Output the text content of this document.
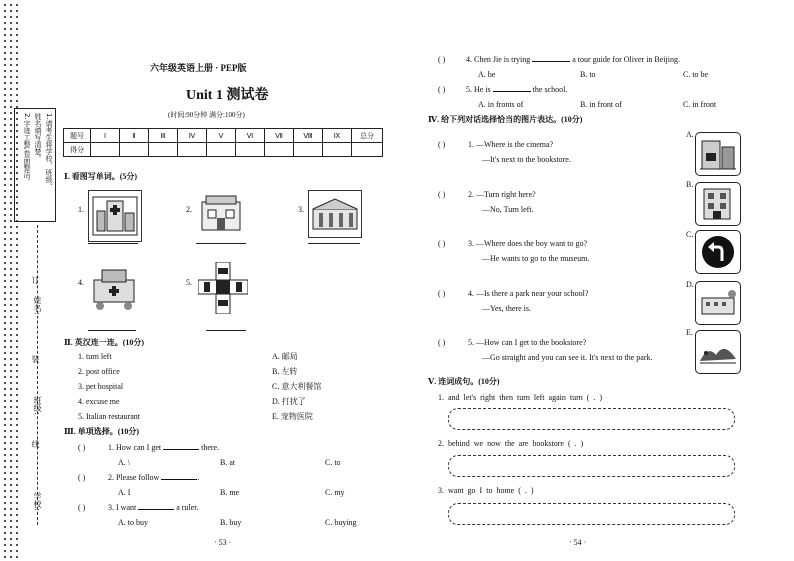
1.请考生将学校、班级、
姓名填写清楚。
2.字迹工整,卷面整洁。
订
装
线
姓名:
班级:
学校:
六年级英语上册 · PEP版
Unit 1 测试卷
(时间:90分钟 满分:100分)
题号	Ⅰ	Ⅱ	Ⅲ	Ⅳ	Ⅴ	Ⅵ	Ⅶ	Ⅷ	Ⅸ	总分
得分										
Ⅰ. 看图写单词。(5分)
1.	2.	3.
4.	5.
Ⅱ. 英汉连一连。(10分)
1. turn left
2. post office
3. pet hospital
4. excuse me
5. Italian restaurant
A. 邮局
B. 左转
C. 意大利餐馆
D. 打扰了
E. 宠物医院
Ⅲ. 单项选择。(10分)
( )	1. How can I get	there.
A. \	B. at	C. to
( )	2. Please follow	.
A. I	B. me	C. my
( )	3. I want	a ruler.
A. to buy	B. buy	C. buying
· 53 ·
( )	4. Chen Jie is trying	a tour guide for Oliver in Beijing.
A. be	B. to	C. to be
( )	5. He is	the school.
A. in fronts of	B. in front of	C. in front
Ⅳ. 给下列对话选择恰当的图片表达。(10分)
( )	1. —Where is the cinema?
—It's next to the bookstore.
( )	2. —Turn right here?
—No, Turn left.
( )	3. —Where does the boy want to go?
—He wants to go to the museum.
( )	4. —Is there a park near your school?
—Yes, there is.
( )	5. —How can I get to the bookstore?
—Go straight and you can see it. It's next to the park.
A.
B.
C.
D.
E.
Ⅴ. 连词成句。(10分)
1. and let's right then turn left again turn ( . )
2. behind we now the are bookstore ( . )
3. want go I to home ( . )
· 54 ·
